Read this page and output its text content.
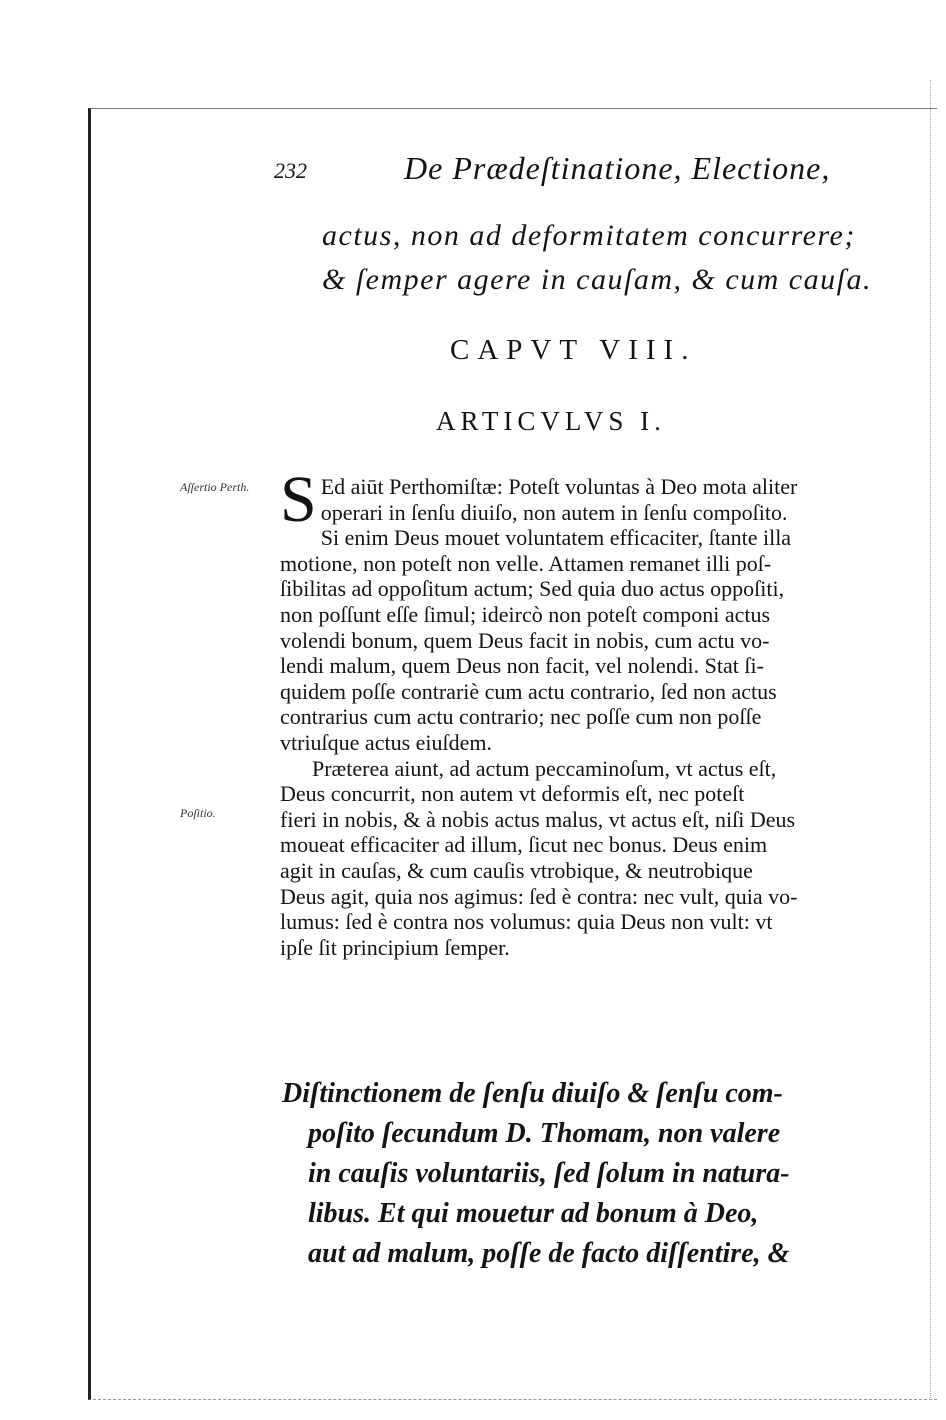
232	De Prædeſtinatione, Electione,
actus, non ad deformitatem concurrere;
& ſemper agere in cauſam, & cum cauſa.
CAPVT VIII.
ARTICVLVS I.
Aſſertio Perth.
Poſitio.
S Ed aiūt Perthomiſtæ: Poteſt voluntas à Deo mota aliter
operari in ſenſu diuiſo, non autem in ſenſu compoſito.
Si enim Deus mouet voluntatem efficaciter, ſtante illa
motione, non poteſt non velle. Attamen remanet illi poſ-
ſibilitas ad oppoſitum actum; Sed quia duo actus oppoſiti,
non poſſunt eſſe ſimul; ideircò non poteſt componi actus
volendi bonum, quem Deus facit in nobis, cum actu vo-
lendi malum, quem Deus non facit, vel nolendi. Stat ſi-
quidem poſſe contrariè cum actu contrario, ſed non actus
contrarius cum actu contrario; nec poſſe cum non poſſe
vtriuſque actus eiuſdem.
Præterea aiunt, ad actum peccaminoſum, vt actus eſt,
Deus concurrit, non autem vt deformis eſt, nec poteſt
fieri in nobis, & à nobis actus malus, vt actus eſt, niſi Deus
moueat efficaciter ad illum, ſicut nec bonus. Deus enim
agit in cauſas, & cum cauſis vtrobique, & neutrobique
Deus agit, quia nos agimus: ſed è contra: nec vult, quia vo-
lumus: ſed è contra nos volumus: quia Deus non vult: vt
ipſe ſit principium ſemper.
Diſtinctionem de ſenſu diuiſo & ſenſu com-
poſito ſecundum D. Thomam, non valere
in cauſis voluntariis, ſed ſolum in natura-
libus. Et qui mouetur ad bonum à Deo,
aut ad malum, poſſe de facto diſſentire, &
